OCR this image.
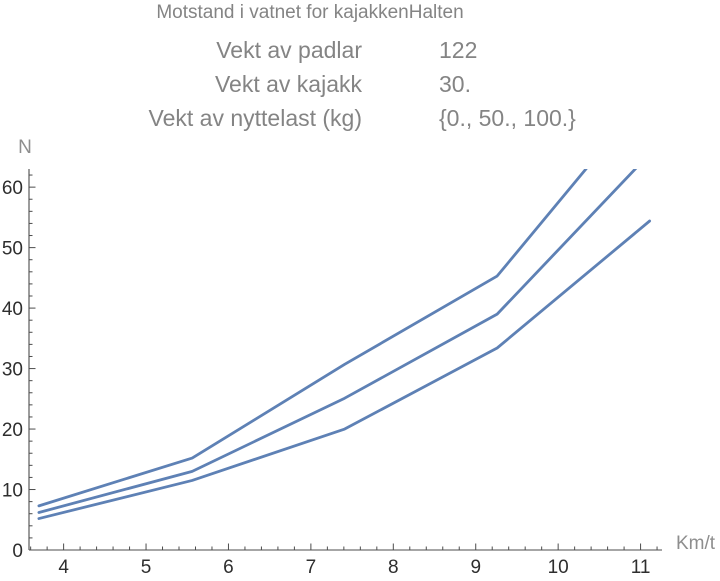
Motstand i vatnet for kajakkenHalten
Vekt av padlar	122
Vekt av kajakk	30.
Vekt av nyttelast (kg)	{0., 50., 100.}
4	5	6	7	8	9	10	11
0
10
20
30
40
50
60
N
Km/t
